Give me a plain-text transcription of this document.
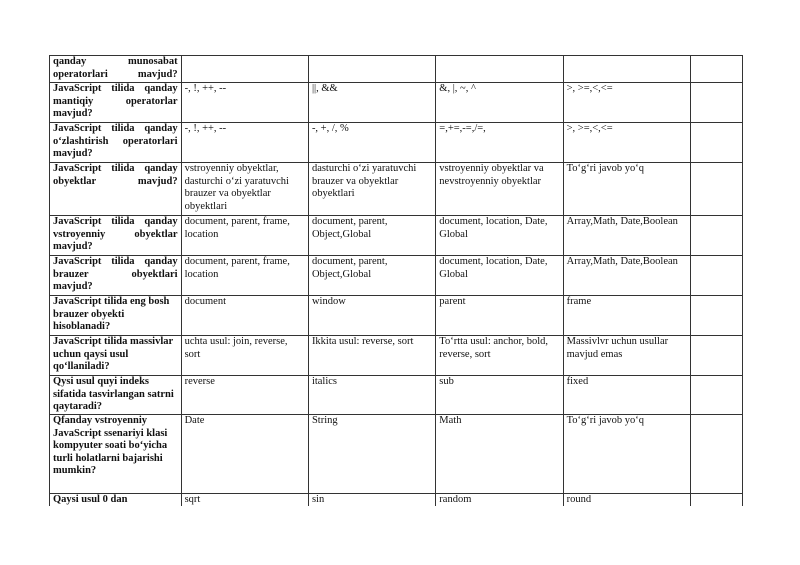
qanday munosabat operatorlari mavjud?					
JavaScript tilida qanday mantiqiy operatorlar mavjud?	-, !, ++, --	||, &&	&, |, ~, ^	>, >=,<,<=	
JavaScript tilida qanday o‘zlashtirish operatorlari mavjud?	-, !, ++, --	-, +, /, %	=,+=,-=,/=,	>, >=,<,<=	
JavaScript tilida qanday obyektlar mavjud?	vstroyenniy obyektlar, dasturchi o‘zi yaratuvchi brauzer va obyektlar obyektlari	dasturchi o‘zi yaratuvchi brauzer va obyektlar obyektlari	vstroyenniy obyektlar va nevstroyenniy obyektlar	To‘g‘ri javob yo‘q	
JavaScript tilida qanday vstroyenniy obyektlar mavjud?	document, parent, frame, location	document, parent, Object,Global	document, location, Date, Global	Array,Math, Date,Boolean	
JavaScript tilida qanday brauzer obyektlari mavjud?	document, parent, frame, location	document, parent, Object,Global	document, location, Date, Global	Array,Math, Date,Boolean	
JavaScript tilida eng bosh brauzer obyekti hisoblanadi?	document	window	parent	frame	
JavaScript tilida massivlar uchun qaysi usul qo‘llaniladi?	uchta usul: join, reverse, sort	Ikkita usul: reverse, sort	To‘rtta usul: anchor, bold, reverse, sort	Massivlvr uchun usullar mavjud emas	
Qysi usul quyi indeks sifatida tasvirlangan satrni qaytaradi?	reverse	italics	sub	fixed	
Qfanday vstroyenniy JavaScript ssenariyi klasi kompyuter soati bo‘yicha turli holatlarni bajarishi mumkin?	Date	String	Math	To‘g‘ri javob yo‘q	
Qaysi usul 0 dan	sqrt	sin	random	round	
